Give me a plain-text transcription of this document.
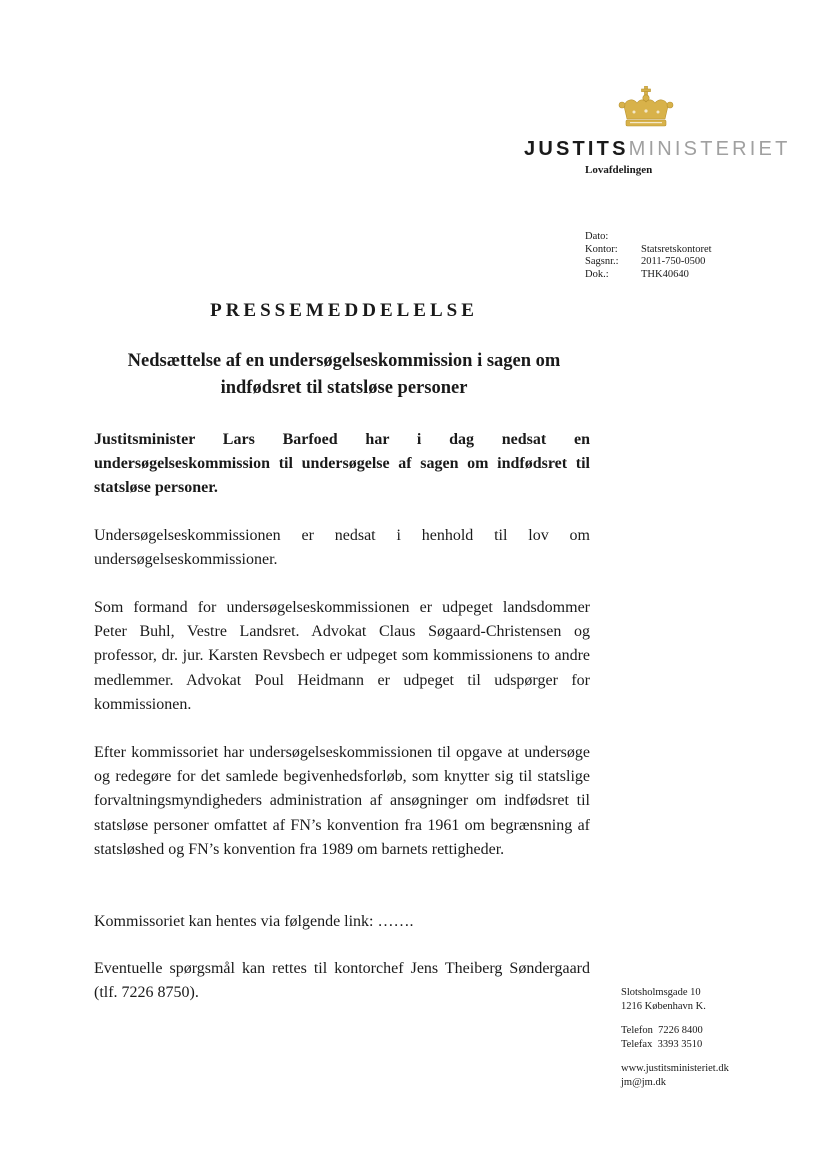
JUSTITSMINISTERIET
Lovafdelingen
Dato:
Kontor:	Statsretskontoret
Sagsnr.:	2011-750-0500
Dok.:	THK40640
PRESSEMEDDELELSE
Nedsættelse af en undersøgelseskommission i sagen om indfødsret til statsløse personer
Justitsminister Lars Barfoed har i dag nedsat en undersøgelseskommission til undersøgelse af sagen om indfødsret til statsløse personer.
Undersøgelseskommissionen er nedsat i henhold til lov om undersøgelseskommissioner.
Som formand for undersøgelseskommissionen er udpeget landsdommer Peter Buhl, Vestre Landsret. Advokat Claus Søgaard-Christensen og professor, dr. jur. Karsten Revsbech er udpeget som kommissionens to andre medlemmer. Advokat Poul Heidmann er udpeget til udspørger for kommissionen.
Efter kommissoriet har undersøgelseskommissionen til opgave at undersøge og redegøre for det samlede begivenhedsforløb, som knytter sig til statslige forvaltningsmyndigheders administration af ansøgninger om indfødsret til statsløse personer omfattet af FN’s konvention fra 1961 om begrænsning af statsløshed og FN’s konvention fra 1989 om barnets rettigheder.
Kommissoriet kan hentes via følgende link: …….
Eventuelle spørgsmål kan rettes til kontorchef Jens Theiberg Søndergaard (tlf. 7226 8750).	Slotsholmsgade 10
1216 København K.
Telefon 7226 8400
Telefax 3393 3510
www.justitsministeriet.dk
jm@jm.dk
